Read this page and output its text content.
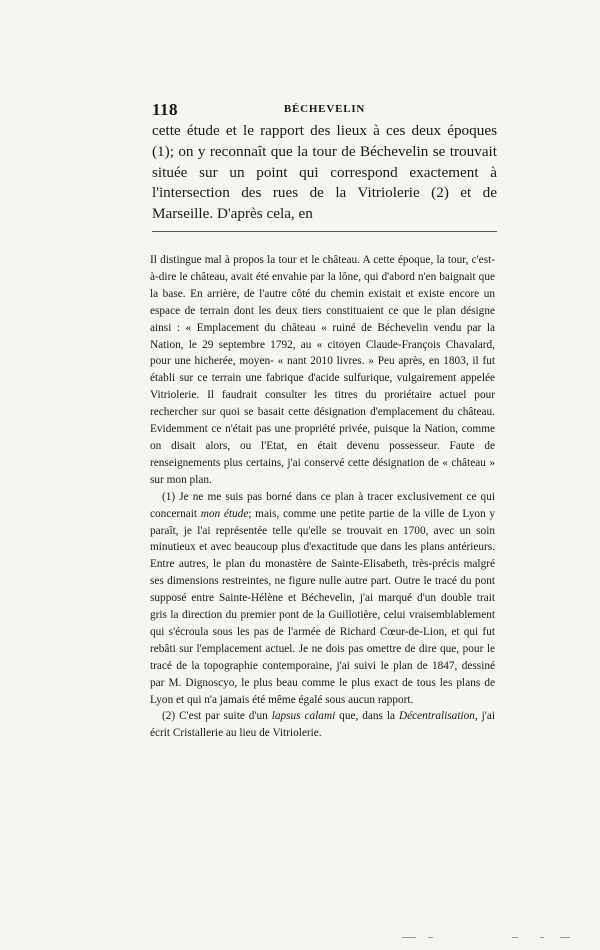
118	BÉCHEVELIN

cette étude et le rapport des lieux à ces deux époques (1); on y reconnaît que la tour de Béchevelin se trouvait située sur un point qui correspond exactement à l'intersection des rues de la Vitriolerie (2) et de Marseille. D'après cela, en

Il distingue mal à propos la tour et le château. A cette époque, la tour, c'est-à-dire le château, avait été envahie par la lône, qui d'abord n'en baignait que la base. En arrière, de l'autre côté du chemin existait et existe encore un espace de terrain dont les deux tiers constituaient ce que le plan désigne ainsi : « Emplacement du château « ruiné de Béchevelin vendu par la Nation, le 29 septembre 1792, au « citoyen Claude-François Chavalard, pour une hicherée, moyen- « nant 2010 livres. » Peu après, en 1803, il fut établi sur ce terrain une fabrique d'acide sulfurique, vulgairement appelée Vitriolerie. Il faudrait consulter les titres du proriétaire actuel pour rechercher sur quoi se basait cette désignation d'emplacement du château. Evidemment ce n'était pas une propriété privée, puisque la Nation, comme on disait alors, ou l'Etat, en était devenu possesseur. Faute de renseignements plus certains, j'ai conservé cette désignation de « château » sur mon plan.

(1) Je ne me suis pas borné dans ce plan à tracer exclusivement ce qui concernait mon étude; mais, comme une petite partie de la ville de Lyon y paraît, je l'ai représentée telle qu'elle se trouvait en 1700, avec un soin minutieux et avec beaucoup plus d'exactitude que dans les plans antérieurs. Entre autres, le plan du monastère de Sainte-Elisabeth, très-précis malgré ses dimensions restreintes, ne figure nulle autre part. Outre le tracé du pont supposé entre Sainte-Hélène et Béchevelin, j'ai marqué d'un double trait gris la direction du premier pont de la Guillotière, celui vraisemblablement qui s'écroula sous les pas de l'armée de Richard Cœur-de-Lion, et qui fut rebâti sur l'emplacement actuel. Je ne dois pas omettre de dire que, pour le tracé de la topographie contemporaine, j'ai suivi le plan de 1847, dessiné par M. Dignoscyo, le plus beau comme le plus exact de tous les plans de Lyon et qui n'a jamais été même égalé sous aucun rapport.

(2) C'est par suite d'un lapsus calami que, dans la Décentralisation, j'ai écrit Cristallerie au lieu de Vitriolerie.
